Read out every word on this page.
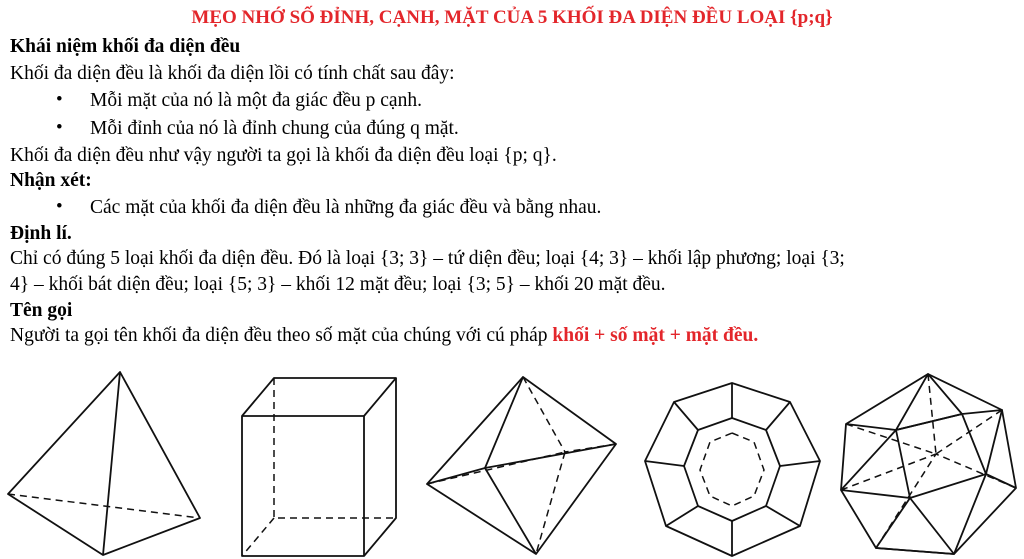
MẸO NHỚ SỐ ĐỈNH, CẠNH, MẶT CỦA 5 KHỐI ĐA DIỆN ĐỀU LOẠI {p;q}
Khái niệm khối đa diện đều
Khối đa diện đều là khối đa diện lồi có tính chất sau đây:
• Mỗi mặt của nó là một đa giác đều p cạnh.
• Mỗi đỉnh của nó là đỉnh chung của đúng q mặt.
Khối đa diện đều như vậy người ta gọi là khối đa diện đều loại {p; q}.
Nhận xét:
• Các mặt của khối đa diện đều là những đa giác đều và bằng nhau.
Định lí.
Chỉ có đúng 5 loại khối đa diện đều. Đó là loại {3; 3} – tứ diện đều; loại {4; 3} – khối lập phương; loại {3;
4} – khối bát diện đều; loại {5; 3} – khối 12 mặt đều; loại {3; 5} – khối 20 mặt đều.
Tên gọi
Người ta gọi tên khối đa diện đều theo số mặt của chúng với cú pháp khối + số mặt + mặt đều.
